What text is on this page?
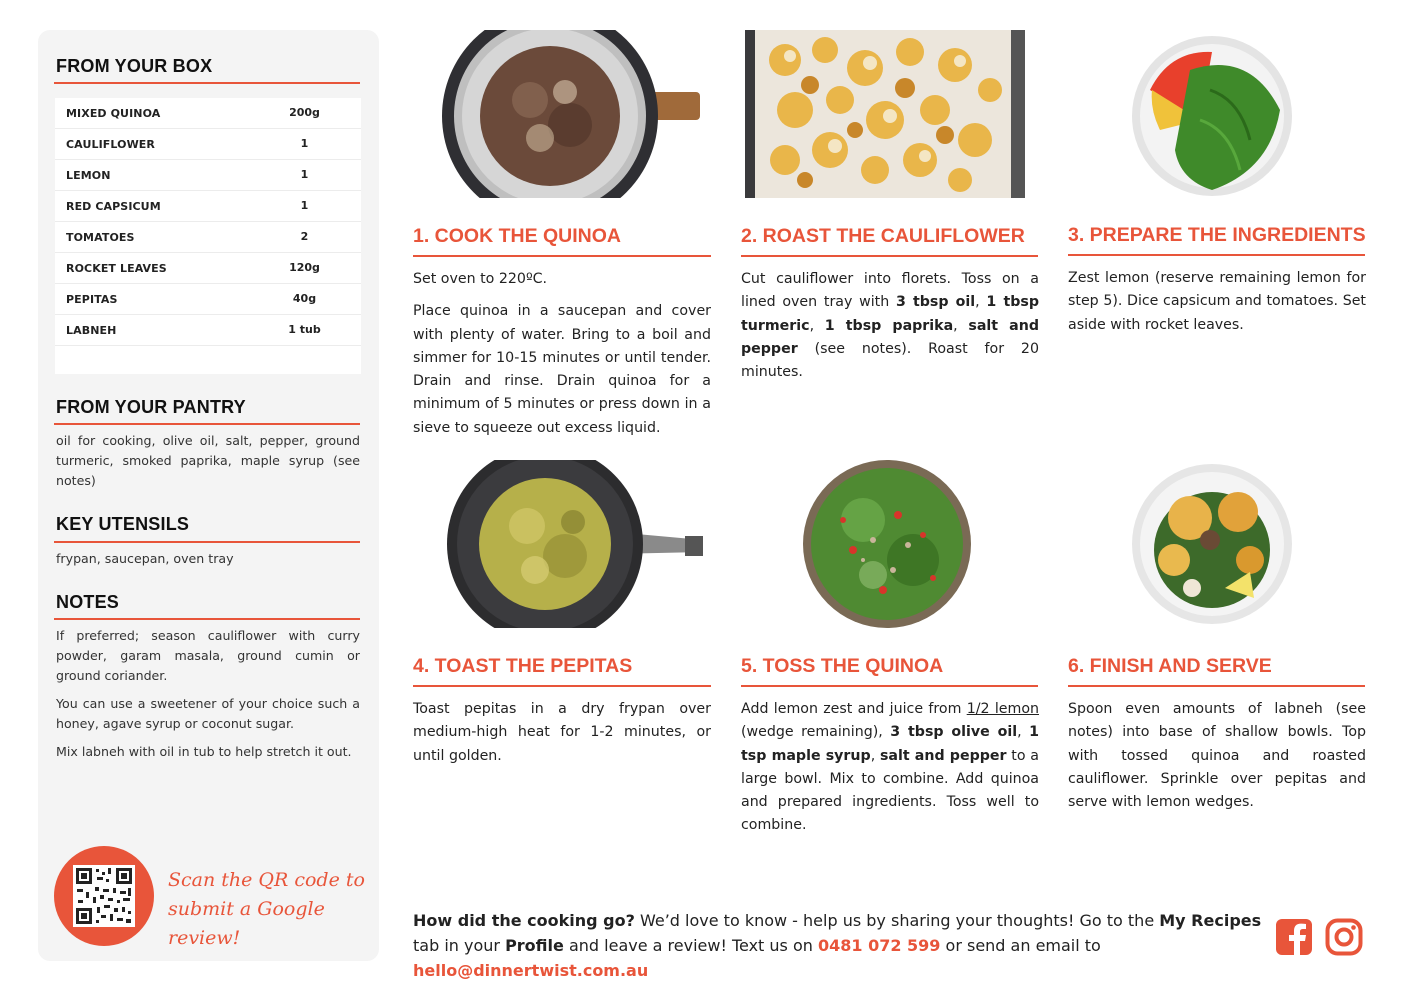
FROM YOUR BOX
MIXED QUINOA	200g
CAULIFLOWER	1
LEMON	1
RED CAPSICUM	1
TOMATOES	2
ROCKET LEAVES	120g
PEPITAS	40g
LABNEH	1 tub
FROM YOUR PANTRY
oil for cooking, olive oil, salt, pepper, ground turmeric, smoked paprika, maple syrup (see notes)
KEY UTENSILS
frypan, saucepan, oven tray
NOTES

If preferred; season cauliflower with curry powder, garam masala, ground cumin or ground coriander.

You can use a sweetener of your choice such a honey, agave syrup or coconut sugar.

Mix labneh with oil in tub to help stretch it out.

Scan the QR code to
submit a Google review!
1. COOK THE QUINOA

Set oven to 220ºC.

Place quinoa in a saucepan and cover with plenty of water. Bring to a boil and simmer for 10-15 minutes or until tender. Drain and rinse. Drain quinoa for a minimum of 5 minutes or press down in a sieve to squeeze out excess liquid.

2. ROAST THE CAULIFLOWER

Cut cauliflower into florets. Toss on a lined oven tray with 3 tbsp oil, 1 tbsp turmeric, 1 tbsp paprika, salt and pepper (see notes). Roast for 20 minutes.

3. PREPARE THE INGREDIENTS

Zest lemon (reserve remaining lemon for step 5). Dice capsicum and tomatoes. Set aside with rocket leaves.

4. TOAST THE PEPITAS

Toast pepitas in a dry frypan over medium-high heat for 1-2 minutes, or until golden.

5. TOSS THE QUINOA

Add lemon zest and juice from 1/2 lemon (wedge remaining), 3 tbsp olive oil, 1 tsp maple syrup, salt and pepper to a large bowl. Mix to combine. Add quinoa and prepared ingredients. Toss well to combine.

6. FINISH AND SERVE

Spoon even amounts of labneh (see notes) into base of shallow bowls. Top with tossed quinoa and roasted cauliflower. Sprinkle over pepitas and serve with lemon wedges.

How did the cooking go? We’d love to know - help us by sharing your thoughts! Go to the My Recipes tab in your Profile and leave a review! Text us on 0481 072 599 or send an email to hello@dinnertwist.com.au
